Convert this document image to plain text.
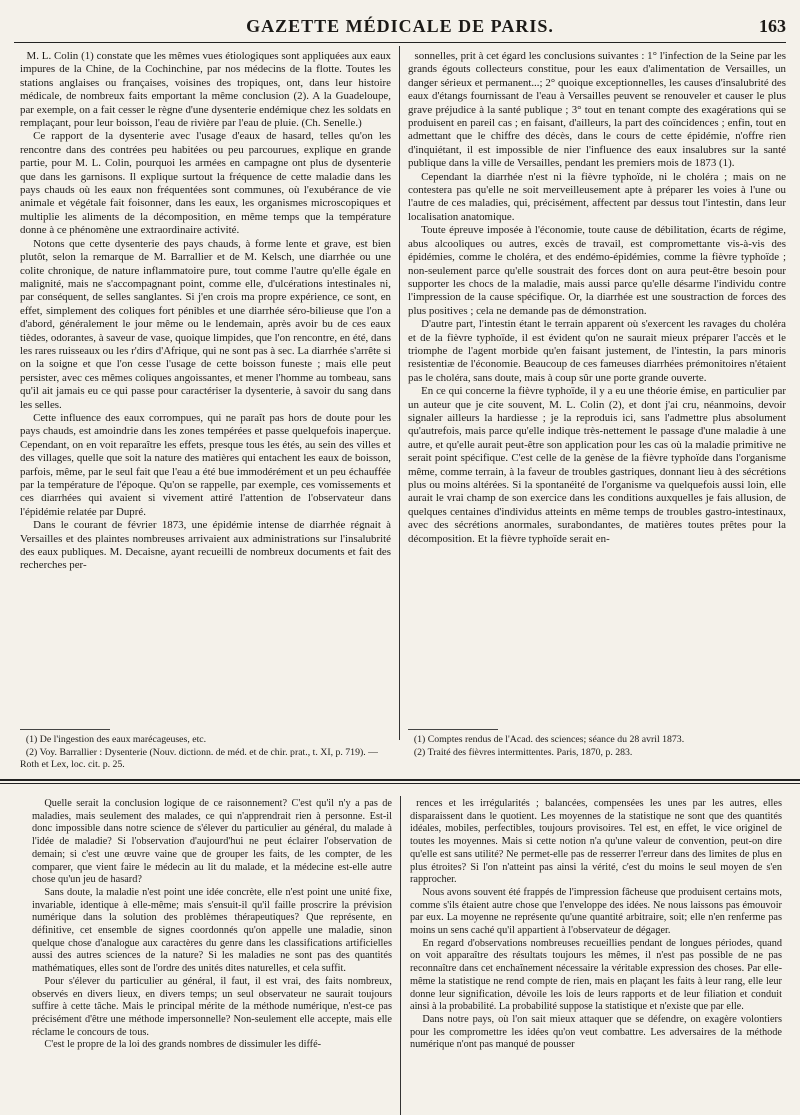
GAZETTE MÉDICALE DE PARIS.	163

M. L. Colin (1) constate que les mêmes vues étiologiques sont appliquées aux eaux impures de la Chine, de la Cochinchine, par nos médecins de la flotte. Toutes les stations anglaises ou françaises, voisines des tropiques, ont, dans leur histoire médicale, de nombreux faits emportant la même conclusion (2). A la Guadeloupe, par exemple, on a fait cesser le règne d'une dysenterie endémique chez les soldats en remplaçant, pour leur boisson, l'eau de rivière par l'eau de pluie. (Ch. Senelle.)

Ce rapport de la dysenterie avec l'usage d'eaux de hasard, telles qu'on les rencontre dans des contrées peu habitées ou peu parcourues, explique en grande partie, pour M. L. Colin, pourquoi les armées en campagne ont plus de dysenterie que dans les garnisons. Il explique surtout la fréquence de cette maladie dans les pays chauds où les eaux non fréquentées sont communes, où l'exubérance de vie animale et végétale fait foisonner, dans les eaux, les organismes microscopiques et multiplie les aliments de la décomposition, en même temps que la température donne à ce phénomène une extraordinaire activité.

Notons que cette dysenterie des pays chauds, à forme lente et grave, est bien plutôt, selon la remarque de M. Barrallier et de M. Kelsch, une diarrhée ou une colite chronique, de nature inflammatoire pure, tout comme l'autre qu'elle égale en malignité, mais ne s'accompagnant point, comme elle, d'ulcérations intestinales ni, par conséquent, de selles sanglantes. Si j'en crois ma propre expérience, ce sont, en effet, simplement des coliques fort pénibles et une diarrhée séro-bilieuse que l'on a d'abord, généralement le jour même ou le lendemain, après avoir bu de ces eaux tièdes, odorantes, à saveur de vase, quoique limpides, que l'on rencontre, en été, dans les rares ruisseaux ou les r'dirs d'Afrique, qui ne sont pas à sec. La diarrhée s'arrête si on la soigne et que l'on cesse l'usage de cette boisson funeste ; mais elle peut persister, avec ces mêmes coliques angoissantes, et mener l'homme au tombeau, sans qu'il ait jamais eu ce qui passe pour caractériser la dysenterie, à savoir du sang dans les selles.

Cette influence des eaux corrompues, qui ne paraît pas hors de doute pour les pays chauds, est amoindrie dans les zones tempérées et passe quelquefois inaperçue. Cependant, on en voit reparaître les effets, presque tous les étés, au sein des villes et des villages, quelle que soit la nature des matières qui entachent les eaux de boisson, parfois, même, par le seul fait que l'eau a été bue immodérément et un peu échauffée par la température de l'époque. Qu'on se rappelle, par exemple, ces vomissements et ces diarrhées qui avaient si vivement attiré l'attention de l'observateur dans l'épidémie relatée par Dupré.

Dans le courant de février 1873, une épidémie intense de diarrhée régnait à Versailles et des plaintes nombreuses arrivaient aux administrations sur l'insalubrité des eaux publiques. M. Decaisne, ayant recueilli de nombreux documents et fait des recherches per-

sonnelles, prit à cet égard les conclusions suivantes : 1° l'infection de la Seine par les grands égouts collecteurs constitue, pour les eaux d'alimentation de Versailles, un danger sérieux et permanent...; 2° quoique exceptionnelles, les causes d'insalubrité des eaux d'étangs fournissant de l'eau à Versailles peuvent se renouveler et causer le plus grave préjudice à la santé publique ; 3° tout en tenant compte des exagérations qui se produisent en pareil cas ; en faisant, d'ailleurs, la part des coïncidences ; enfin, tout en admettant que le chiffre des décès, dans le cours de cette épidémie, n'offre rien d'inquiétant, il est impossible de nier l'influence des eaux insalubres sur la santé publique dans la ville de Versailles, pendant les premiers mois de 1873 (1).

Cependant la diarrhée n'est ni la fièvre typhoïde, ni le choléra ; mais on ne contestera pas qu'elle ne soit merveilleusement apte à préparer les voies à l'une ou l'autre de ces maladies, qui, précisément, affectent par dessus tout l'intestin, dans leur localisation anatomique.

Toute épreuve imposée à l'économie, toute cause de débilitation, écarts de régime, abus alcooliques ou autres, excès de travail, est compromettante vis-à-vis des épidémies, comme le choléra, et des endémo-épidémies, comme la fièvre typhoïde ; non-seulement parce qu'elle soustrait des forces dont on aura peut-être besoin pour supporter les chocs de la maladie, mais aussi parce qu'elle désarme l'individu contre l'impression de la cause spécifique. Or, la diarrhée est une soustraction de forces des plus positives ; cela ne demande pas de démonstration.

D'autre part, l'intestin étant le terrain apparent où s'exercent les ravages du choléra et de la fièvre typhoïde, il est évident qu'on ne saurait mieux préparer l'accès et le triomphe de l'agent morbide qu'en faisant justement, de l'intestin, la pars minoris resistentiæ de l'économie. Beaucoup de ces fameuses diarrhées prémonitoires n'étaient pas le choléra, sans doute, mais à coup sûr une porte grande ouverte.

En ce qui concerne la fièvre typhoïde, il y a eu une théorie émise, en particulier par un auteur que je cite souvent, M. L. Colin (2), et dont j'ai cru, néanmoins, devoir signaler ailleurs la hardiesse ; je la reproduis ici, sans l'admettre plus absolument qu'autrefois, mais parce qu'elle indique très-nettement le passage d'une maladie à une autre, et qu'elle aurait peut-être son application pour les cas où la maladie primitive ne serait point spécifique. C'est celle de la genèse de la fièvre typhoïde dans l'organisme même, comme terrain, à la faveur de troubles gastriques, donnant lieu à des sécrétions plus ou moins altérées. Si la spontanéité de l'organisme va quelquefois aussi loin, elle aurait le vrai champ de son exercice dans les conditions auxquelles je fais allusion, de quelques centaines d'individus atteints en même temps de troubles gastro-intestinaux, avec des sécrétions anormales, surabondantes, de matières toutes prêtes pour la décomposition. Et la fièvre typhoïde serait en-

(1) De l'ingestion des eaux marécageuses, etc.

(2) Voy. Barrallier : Dysenterie (Nouv. dictionn. de méd. et de chir. prat., t. XI, p. 719). — Roth et Lex, loc. cit. p. 25.

(1) Comptes rendus de l'Acad. des sciences; séance du 28 avril 1873.

(2) Traité des fièvres intermittentes. Paris, 1870, p. 283.

Quelle serait la conclusion logique de ce raisonnement? C'est qu'il n'y a pas de maladies, mais seulement des malades, ce qui n'apprendrait rien à personne. Est-il donc impossible dans notre science de s'élever du particulier au général, du malade à l'idée de maladie? Si l'observation d'aujourd'hui ne peut éclairer l'observation de demain; si c'est une œuvre vaine que de grouper les faits, de les compter, de les comparer, que vient faire le médecin au lit du malade, et la médecine est-elle autre chose qu'un jeu de hasard?

Sans doute, la maladie n'est point une idée concrète, elle n'est point une unité fixe, invariable, identique à elle-même; mais s'ensuit-il qu'il faille proscrire la prévision numérique dans la solution des problèmes thérapeutiques? Que représente, en définitive, cet ensemble de signes coordonnés qu'on appelle une maladie, sinon quelque chose d'analogue aux caractères du genre dans les classifications artificielles aussi des autres sciences de la nature? Si les maladies ne sont pas des quantités mathématiques, elles sont de l'ordre des unités dites naturelles, et cela suffit.

Pour s'élever du particulier au général, il faut, il est vrai, des faits nombreux, observés en divers lieux, en divers temps; un seul observateur ne saurait toujours suffire à cette tâche. Mais le principal mérite de la méthode numérique, n'est-ce pas précisément d'être une méthode impersonnelle? Non-seulement elle accepte, mais elle réclame le concours de tous.

C'est le propre de la loi des grands nombres de dissimuler les diffé-

rences et les irrégularités ; balancées, compensées les unes par les autres, elles disparaissent dans le quotient. Les moyennes de la statistique ne sont que des quantités idéales, mobiles, perfectibles, toujours provisoires. Tel est, en effet, le vice originel de toutes les moyennes. Mais si cette notion n'a qu'une valeur de convention, peut-on dire qu'elle est sans utilité? Ne permet-elle pas de resserrer l'erreur dans des limites de plus en plus étroites? Si l'on n'atteint pas ainsi la vérité, c'est du moins le seul moyen de s'en rapprocher.

Nous avons souvent été frappés de l'impression fâcheuse que produisent certains mots, comme s'ils étaient autre chose que l'enveloppe des idées. Ne nous laissons pas émouvoir par eux. La moyenne ne représente qu'une quantité arbitraire, soit; elle n'en renferme pas moins un sens caché qu'il appartient à l'observateur de dégager.

En regard d'observations nombreuses recueillies pendant de longues périodes, quand on voit apparaître des résultats toujours les mêmes, il n'est pas possible de ne pas reconnaître dans cet enchaînement nécessaire la véritable expression des choses. Par elle-même la statistique ne rend compte de rien, mais en plaçant les faits à leur rang, elle leur donne leur signification, dévoile les lois de leurs rapports et de leur filiation et conduit ainsi à la probabilité. La probabilité suppose la statistique et n'existe que par elle.

Dans notre pays, où l'on sait mieux attaquer que se défendre, on exagère volontiers pour les compromettre les idées qu'on veut combattre. Les adversaires de la méthode numérique n'ont pas manqué de pousser
